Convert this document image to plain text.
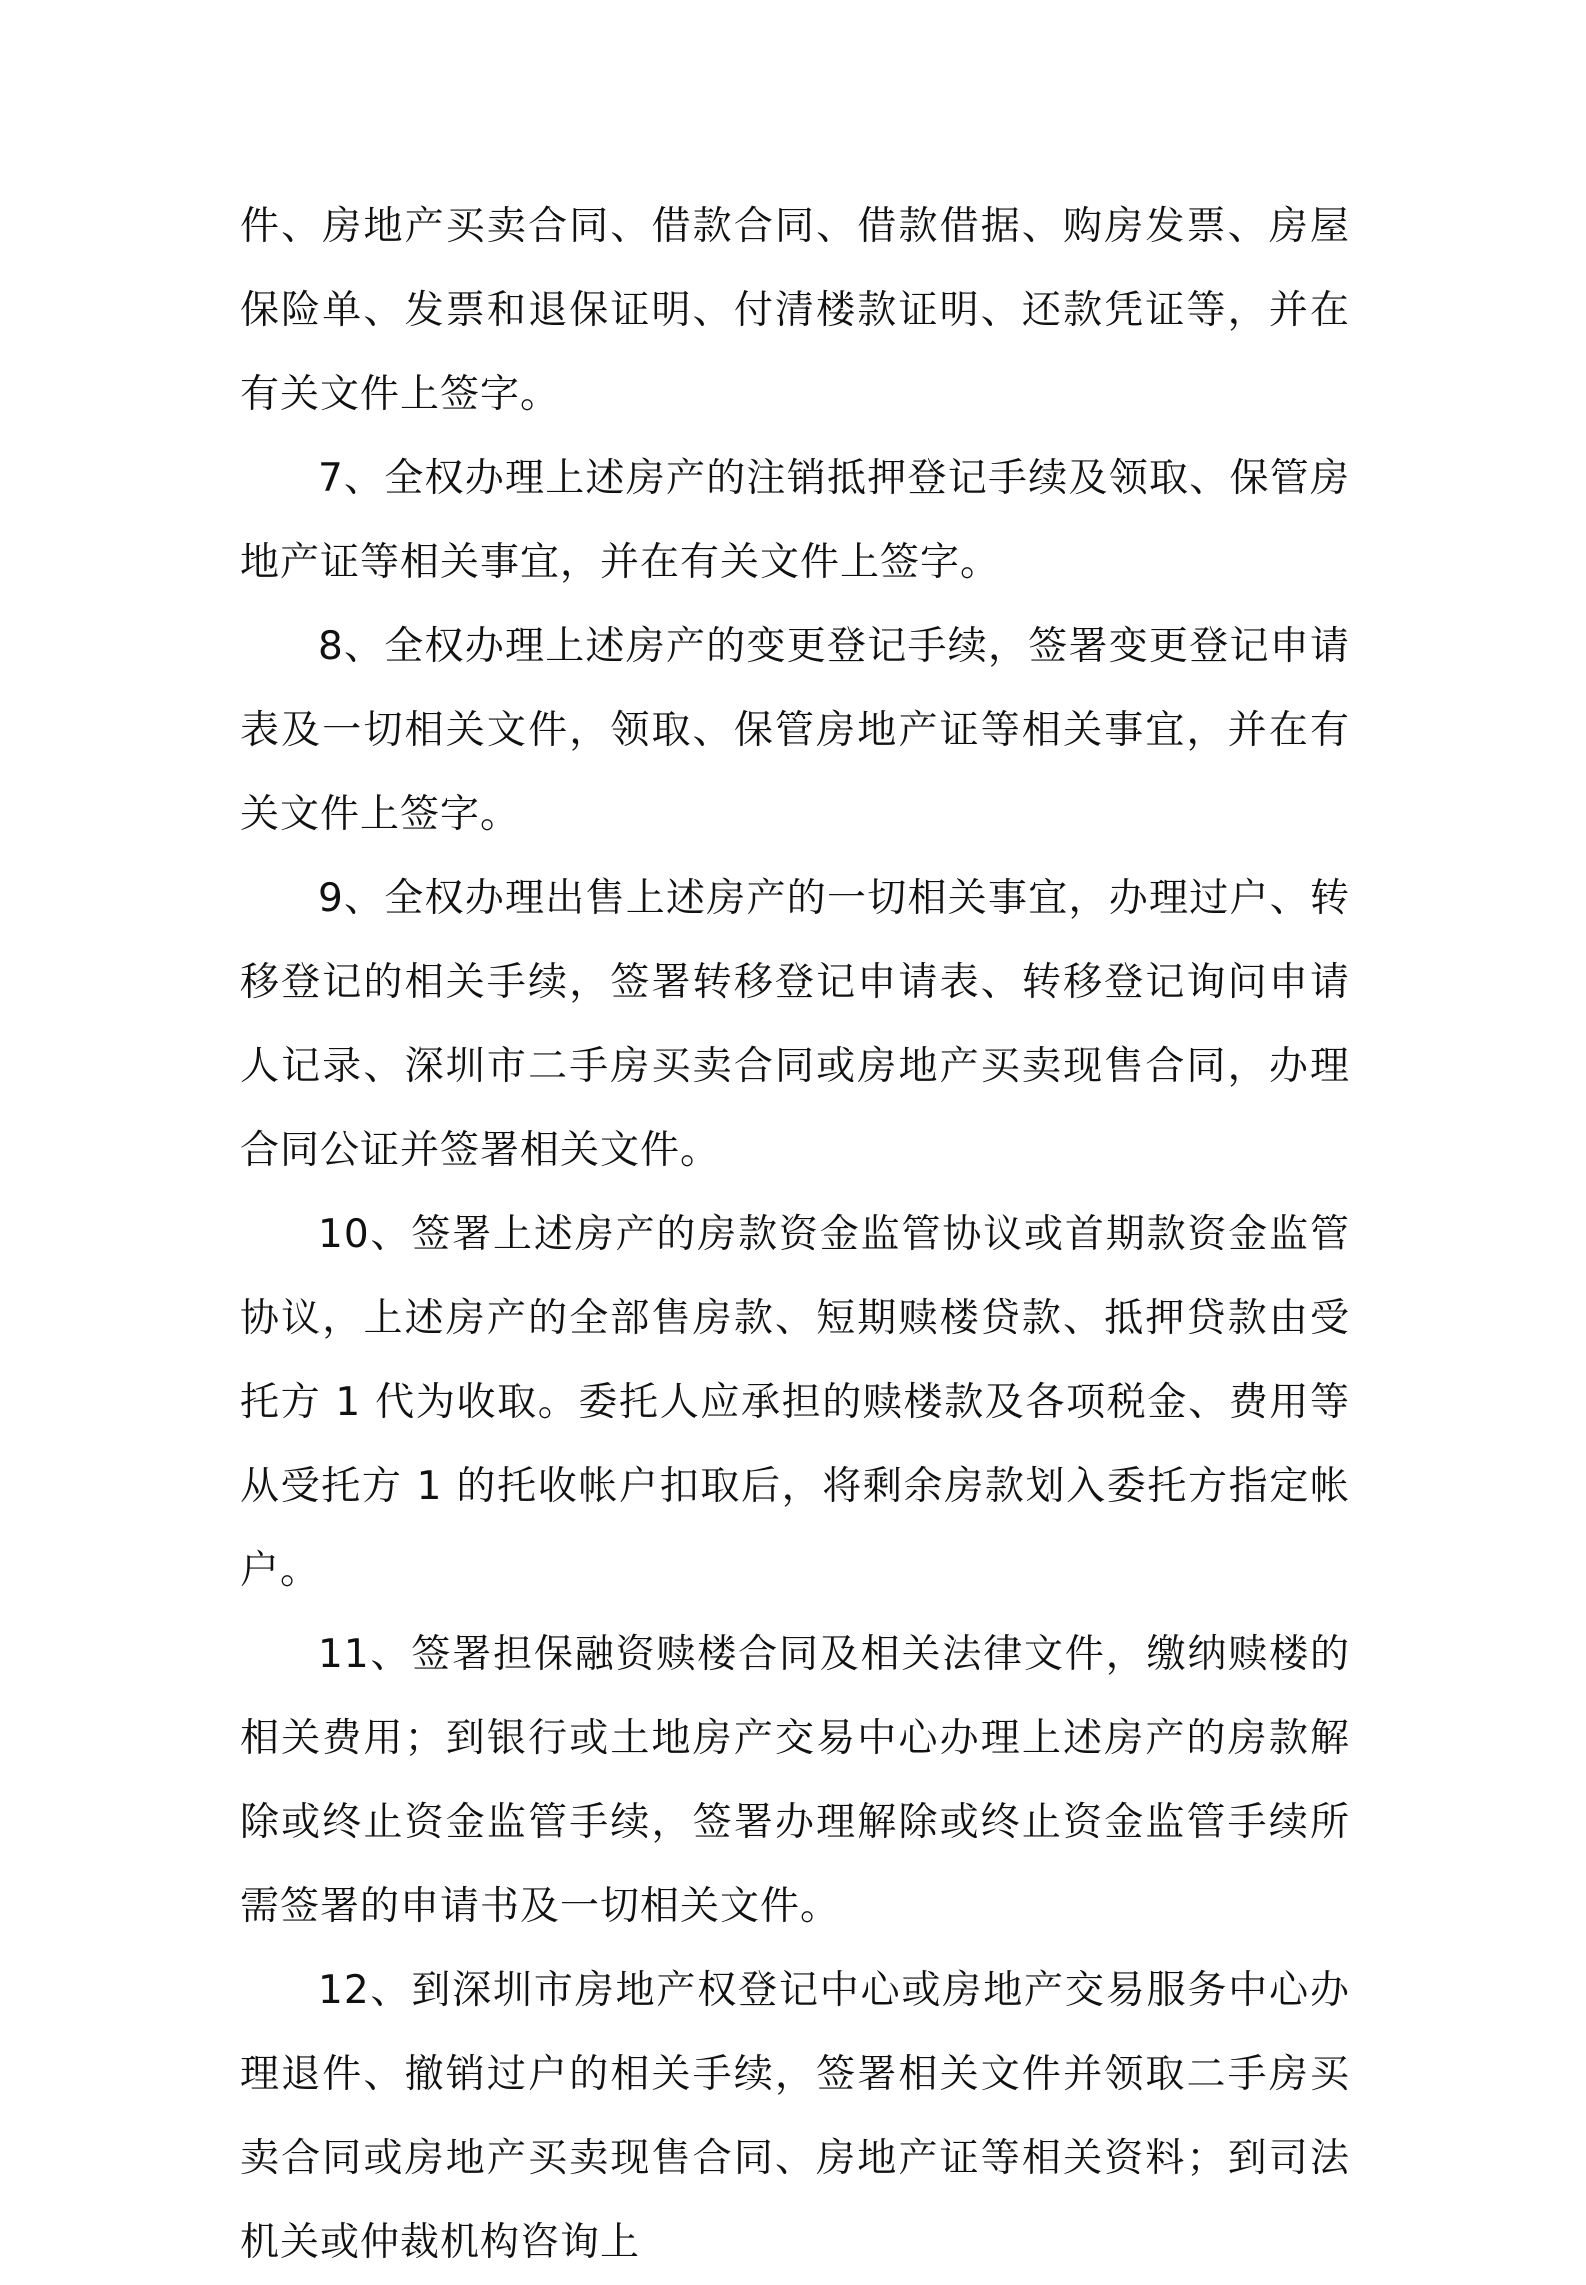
件、房地产买卖合同、借款合同、借款借据、购房发票、房屋保险单、发票和退保证明、付清楼款证明、还款凭证等，并在有关文件上签字。

7、全权办理上述房产的注销抵押登记手续及领取、保管房地产证等相关事宜，并在有关文件上签字。

8、全权办理上述房产的变更登记手续，签署变更登记申请表及一切相关文件，领取、保管房地产证等相关事宜，并在有关文件上签字。

9、全权办理出售上述房产的一切相关事宜，办理过户、转移登记的相关手续，签署转移登记申请表、转移登记询问申请人记录、深圳市二手房买卖合同或房地产买卖现售合同，办理合同公证并签署相关文件。

10、签署上述房产的房款资金监管协议或首期款资金监管协议，上述房产的全部售房款、短期赎楼贷款、抵押贷款由受托方 1 代为收取。委托人应承担的赎楼款及各项税金、费用等从受托方 1 的托收帐户扣取后，将剩余房款划入委托方指定帐户。

11、签署担保融资赎楼合同及相关法律文件，缴纳赎楼的相关费用；到银行或土地房产交易中心办理上述房产的房款解除或终止资金监管手续，签署办理解除或终止资金监管手续所需签署的申请书及一切相关文件。

12、到深圳市房地产权登记中心或房地产交易服务中心办理退件、撤销过户的相关手续，签署相关文件并领取二手房买卖合同或房地产买卖现售合同、房地产证等相关资料；到司法机关或仲裁机构咨询上
